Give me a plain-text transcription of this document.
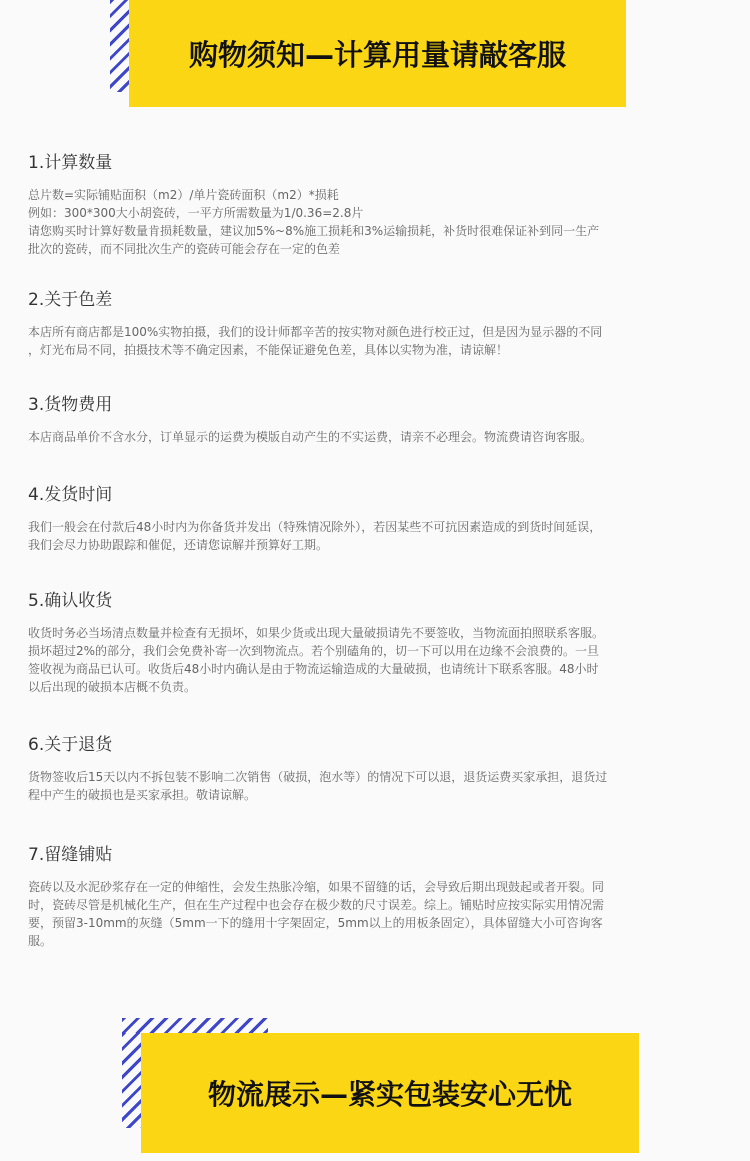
购物须知—计算用量请敲客服
1.计算数量

总片数=实际铺贴面积（m2）/单片瓷砖面积（m2）*损耗

例如：300*300大小胡瓷砖，一平方所需数量为1/0.36=2.8片

请您购买时计算好数量肯损耗数量，建议加5%~8%施工损耗和3%运输损耗，补货时很难保证补到同一生产

批次的瓷砖，而不同批次生产的瓷砖可能会存在一定的色差

2.关于色差

本店所有商店都是100%实物拍摄，我们的设计师都辛苦的按实物对颜色进行校正过，但是因为显示器的不同

，灯光布局不同，拍摄技术等不确定因素，不能保证避免色差，具体以实物为准，请谅解！

3.货物费用

本店商品单价不含水分，订单显示的运费为模版自动产生的不实运费，请亲不必理会。物流费请咨询客服。

4.发货时间

我们一般会在付款后48小时内为你备货并发出（特殊情况除外），若因某些不可抗因素造成的到货时间延误，

我们会尽力协助跟踪和催促，还请您谅解并预算好工期。

5.确认收货

收货时务必当场清点数量并检查有无损坏，如果少货或出现大量破损请先不要签收，当物流面拍照联系客服。

损坏超过2%的部分，我们会免费补寄一次到物流点。若个别磕角的，切一下可以用在边缘不会浪费的。一旦

签收视为商品已认可。收货后48小时内确认是由于物流运输造成的大量破损，也请统计下联系客服。48小时

以后出现的破损本店概不负责。

6.关于退货

货物签收后15天以内不拆包装不影响二次销售（破损，泡水等）的情况下可以退，退货运费买家承担，退货过

程中产生的破损也是买家承担。敬请谅解。

7.留缝铺贴

瓷砖以及水泥砂浆存在一定的伸缩性，会发生热胀冷缩，如果不留缝的话，会导致后期出现鼓起或者开裂。同

时，瓷砖尽管是机械化生产，但在生产过程中也会存在极少数的尺寸误差。综上。铺贴时应按实际实用情况需

要，预留3-10mm的灰缝（5mm一下的缝用十字架固定，5mm以上的用板条固定），具体留缝大小可咨询客

服。

物流展示—紧实包装安心无忧
